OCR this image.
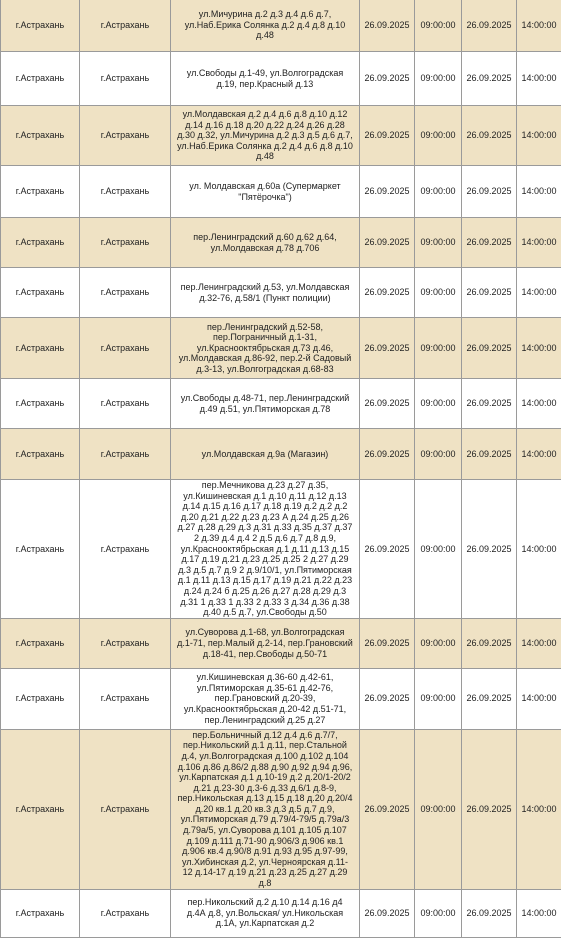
г.Астрахань	г.Астрахань	ул.Мичурина д.2 д.3 д.4 д.6 д.7, ул.Наб.Ерика Солянка д.2 д.4 д.8 д.10 д.48	26.09.2025	09:00:00	26.09.2025	14:00:00
г.Астрахань	г.Астрахань	ул.Свободы д.1-49, ул.Волгоградская д.19, пер.Красный д.13	26.09.2025	09:00:00	26.09.2025	14:00:00
г.Астрахань	г.Астрахань	ул.Молдавская д.2 д.4 д.6 д.8 д.10 д.12 д.14 д.16 д.18 д.20 д.22 д.24 д.26 д.28 д.30 д.32, ул.Мичурина д.2 д.3 д.5 д.6 д.7, ул.Наб.Ерика Солянка д.2 д.4 д.6 д.8 д.10 д.48	26.09.2025	09:00:00	26.09.2025	14:00:00
г.Астрахань	г.Астрахань	ул. Молдавская д.60а (Супермаркет "Пятёрочка")	26.09.2025	09:00:00	26.09.2025	14:00:00
г.Астрахань	г.Астрахань	пер.Ленинградский д.60 д.62 д.64, ул.Молдавская д.78 д.706	26.09.2025	09:00:00	26.09.2025	14:00:00
г.Астрахань	г.Астрахань	пер.Ленинградский д.53, ул.Молдавская д.32-76, д.58/1 (Пункт полиции)	26.09.2025	09:00:00	26.09.2025	14:00:00
г.Астрахань	г.Астрахань	пер.Ленинградский д.52-58, пер.Пограничный д.1-31, ул.Краснооктябрьская д.73 д.46, ул.Молдавская д.86-92, пер.2-й Садовый д.3-13, ул.Волгоградская д.68-83	26.09.2025	09:00:00	26.09.2025	14:00:00
г.Астрахань	г.Астрахань	ул.Свободы д.48-71, пер.Ленинградский д.49 д.51, ул.Пятиморская д.78	26.09.2025	09:00:00	26.09.2025	14:00:00
г.Астрахань	г.Астрахань	ул.Молдавская д.9а (Магазин)	26.09.2025	09:00:00	26.09.2025	14:00:00
г.Астрахань	г.Астрахань	пер.Мечникова д.23 д.27 д.35, ул.Кишиневская д.1 д.10 д.11 д.12 д.13 д.14 д.15 д.16 д.17 д.18 д.19 д.2 д.2 д.2 д.20 д.21 д.22 д.23 д.23 А д.24 д.25 д.26 д.27 д.28 д.29 д.3 д.31 д.33 д.35 д.37 д.37 2 д.39 д.4 д.4 2 д.5 д.6 д.7 д.8 д.9, ул.Краснооктябрьская д.1 д.11 д.13 д.15 д.17 д.19 д.21 д.23 д.25 д.25 2 д.27 д.29 д.3 д.5 д.7 д.9 2 д.9/10/1, ул.Пятиморская д.1 д.11 д.13 д.15 д.17 д.19 д.21 д.22 д.23 д.24 д.24 б д.25 д.26 д.27 д.28 д.29 д.3 д.31 1 д.33 1 д.33 2 д.33 3 д.34 д.36 д.38 д.40 д.5 д.7, ул.Свободы д.50	26.09.2025	09:00:00	26.09.2025	14:00:00
г.Астрахань	г.Астрахань	ул.Суворова д.1-68, ул.Волгоградская д.1-71, пер.Малый д.2-14, пер.Грановский д.18-41, пер.Свободы д.50-71	26.09.2025	09:00:00	26.09.2025	14:00:00
г.Астрахань	г.Астрахань	ул.Кишиневская д.36-60 д.42-61, ул.Пятиморская д.35-61 д.42-76, пер.Грановский д.20-39, ул.Краснооктябрьская д.20-42 д.51-71, пер.Ленинградский д.25 д.27	26.09.2025	09:00:00	26.09.2025	14:00:00
г.Астрахань	г.Астрахань	пер.Больничный д.12 д.4 д.6 д.7/7, пер.Никольский д.1 д.11, пер.Стальной д.4, ул.Волгоградская д.100 д.102 д.104 д.106 д.86 д.86/2 д.88 д.90 д.92 д.94 д.96, ул.Карпатская д.1 д.10-19 д.2 д.20/1-20/2 д.21 д.23-30 д.3-6 д.33 д.6/1 д.8-9, пер.Никольская д.13 д.15 д.18 д.20 д.20/4 д.20 кв.1 д.20 кв.3 д.3 д.5 д.7 д.9, ул.Пятиморская д.79 д.79/4-79/5 д.79а/3 д.79а/5, ул.Суворова д.101 д.105 д.107 д.109 д.111 д.71-90 д.906/3 д.906 кв.1 д.906 кв.4 д.90/8 д.91 д.93 д.95 д.97-99, ул.Хибинская д.2, ул.Черноярская д.11-12 д.14-17 д.19 д.21 д.23 д.25 д.27 д.29 д.8	26.09.2025	09:00:00	26.09.2025	14:00:00
г.Астрахань	г.Астрахань	пер.Никольский д.2 д.10 д.14 д.16 д4 д.4А д.8, ул.Вольская/ ул.Никольская д.1А, ул.Карпатская д.2	26.09.2025	09:00:00	26.09.2025	14:00:00
